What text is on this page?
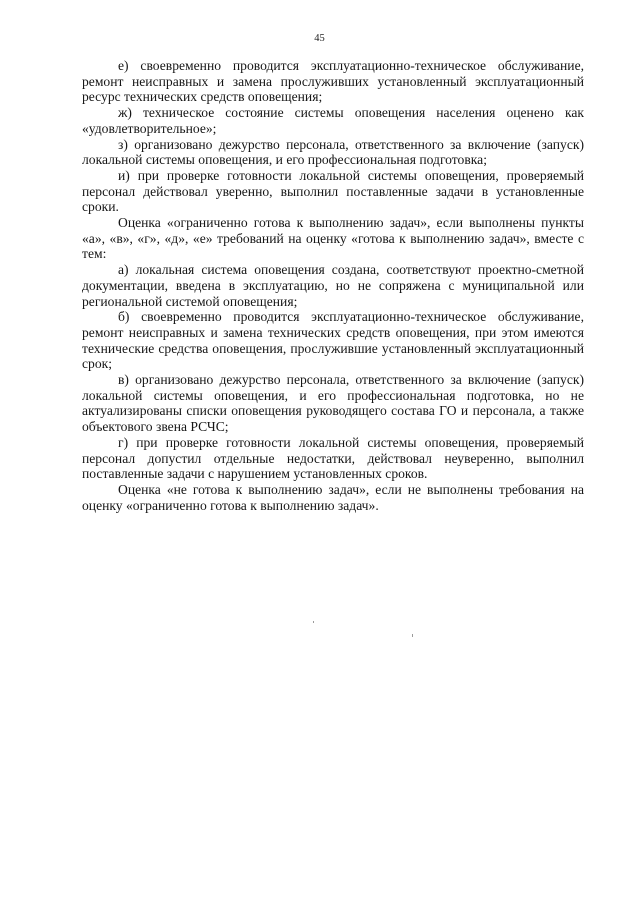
45

е) своевременно проводится эксплуатационно-техническое обслуживание, ремонт неисправных и замена прослуживших установленный эксплуатационный ресурс технических средств оповещения;

ж) техническое состояние системы оповещения населения оценено как «удовлетворительное»;

з) организовано дежурство персонала, ответственного за включение (запуск) локальной системы оповещения, и его профессиональная подготовка;

и) при проверке готовности локальной системы оповещения, проверяемый персонал действовал уверенно, выполнил поставленные задачи в установленные сроки.

Оценка «ограниченно готова к выполнению задач», если выполнены пункты «а», «в», «г», «д», «е» требований на оценку «готова к выполнению задач», вместе с тем:

а) локальная система оповещения создана, соответствуют проектно-сметной документации, введена в эксплуатацию, но не сопряжена с муниципальной или региональной системой оповещения;

б) своевременно проводится эксплуатационно-техническое обслуживание, ремонт неисправных и замена технических средств оповещения, при этом имеются технические средства оповещения, прослужившие установленный эксплуатационный срок;

в) организовано дежурство персонала, ответственного за включение (запуск) локальной системы оповещения, и его профессиональная подготовка, но не актуализированы списки оповещения руководящего состава ГО и персонала, а также объектового звена РСЧС;

г) при проверке готовности локальной системы оповещения, проверяемый персонал допустил отдельные недостатки, действовал неуверенно, выполнил поставленные задачи с нарушением установленных сроков.

Оценка «не готова к выполнению задач», если не выполнены требования на оценку «ограниченно готова к выполнению задач».
